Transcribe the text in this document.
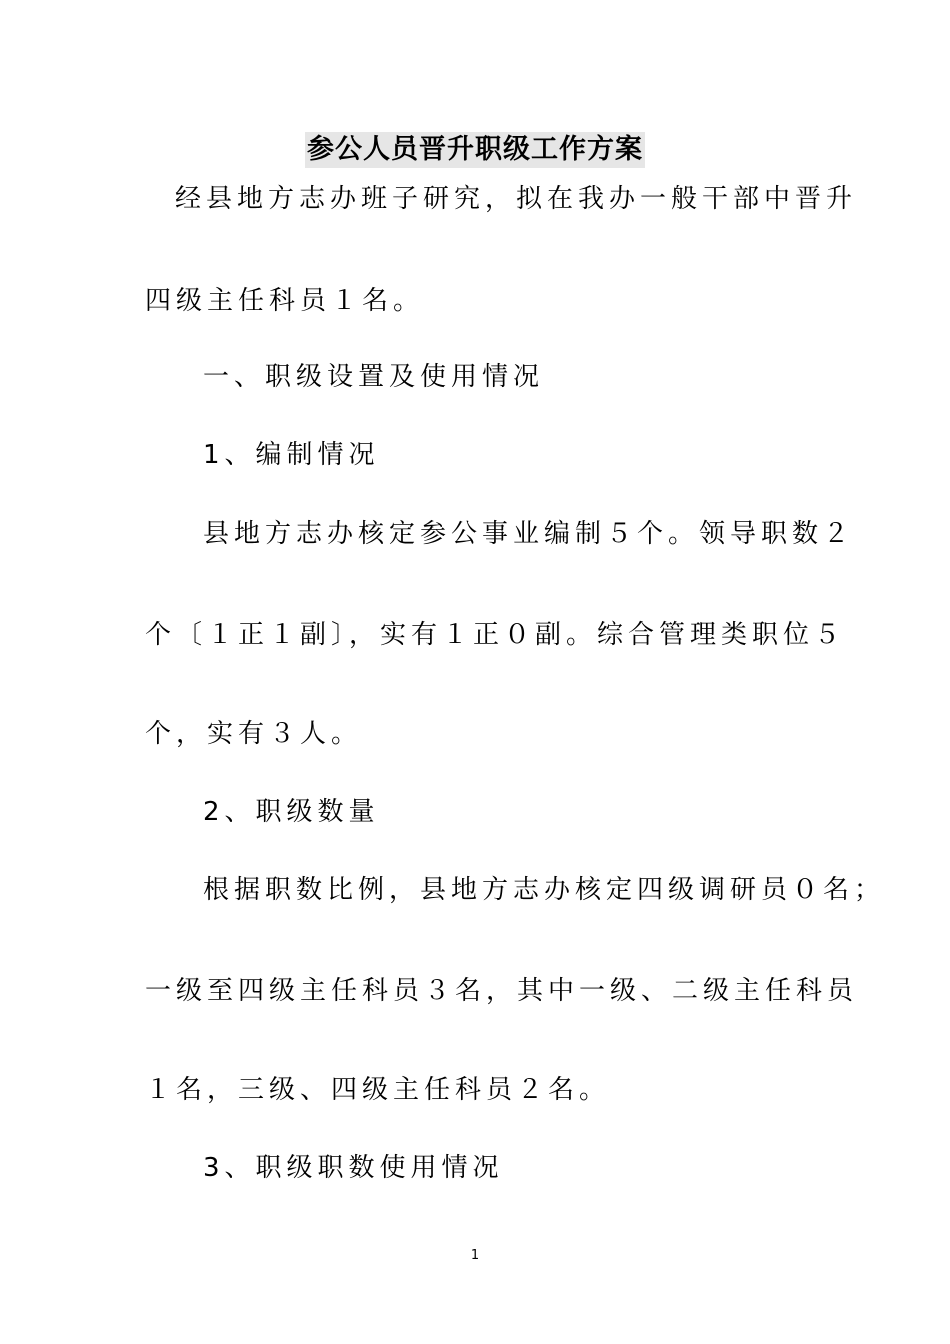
参公人员晋升职级工作方案
经县地方志办班子研究，拟在我办一般干部中晋升
四级主任科员１名。
一、职级设置及使用情况
1、编制情况
县地方志办核定参公事业编制５个。领导职数２
个〔１正１副〕，实有１正０副。综合管理类职位５
个，实有３人。
2、职级数量
根据职数比例，县地方志办核定四级调研员０名；
一级至四级主任科员３名，其中一级、二级主任科员
１名，三级、四级主任科员２名。
3、职级职数使用情况
1
